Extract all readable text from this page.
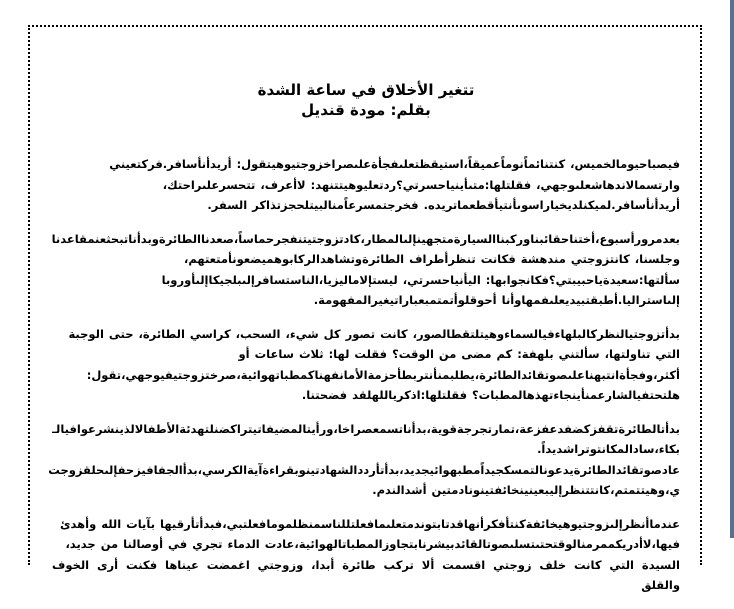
تتغير الأخلاق في ساعة الشدة
بقلم: مودة قنديل

فيصباحيومالخميس، كنتنائماًنوماًعميقاً،استيقظتعلىفجأةعلىصراخزوجتيوهيتقول: أريدأنأسافر.فركتعيني
وارتسمالاندهاشعلىوجهي، فقلتلها:متىأينياحسرتي؟ردتعليوهيتتنهد: لاأعرف، تتحسرعلىراحتك،
أريدأنأسافر.لميكنلديخياراسوىأنتيأقطعماتريده. فخرجتمسرعاًمنالبيتلحجزتذاكر السفر.

بعدمرورأسبوع،أختناحقائبناوركبناالسيارةمتجهينإلىالمطار،كادتزوجتيتنفجرحماساً،صعدناالطائرةوبدأناتبحثعنمقاعدنا
وجلسنا، كانتزوجتي مندهشة فكانت تنظرأطراف الطائرةوتشاهدالركابوهميضعونأمتعتهم،
سألتها:سعيدةياحبيبتي؟فكانجوابها: اليأنياحسرتي، ليستإلاماليزيا،الناستسافرإلىبلجيكاإلىأوروبا
إلىاستراليا.أطبقتبيديعلىفمهاوأنا أحوقلوأتمتمبعباراتيغيرالمفهومة.

بدأتزوجتيالنظركالبلهاءفيالسماءوهيتلتقطالصور، كانت تصور كل شيء، السحب، كراسي الطائرة، حتى الوجبة
التي تناولتها، سألتني بلهفة: كم مضى من الوقت؟ فقلت لها: ثلاث ساعات أو
أكثر،وفجأةانتبهناعلىصوتقائدالطائرة،يطلبمنأنتربطأحزمةالأمانفهناكمطباتهوائية،صرختزوجتيفيوجهي،تقول:
هلتحتفيالشارعمنأينجاءتهذهالمطبات؟ فقلتلها:اذكرياللهلقد فضحتنا.

بدأتالطائرةتقفزكضفدعفزعة،تمارتجرجةقوية،بدأناتسمعصراخا،ورأيتالمضيفاتيتراكضنلتهدئةالأطفالالذينشرعوافيالـ
بكاء،سادالمكانتوتراشديداً.
عادصوتقائدالطائرةيدعونالتمسكجيداًمطبهوائيجديد،بدأتأرددالشهادتينوبقراءةآيةالكرسي،بدأالجفافيزحفإلىحلقزوجت
ي،وهيتتمتم،كانتتنظرإليبعينينخائفتينونادمتين أشدالندم.

عندماأنظرإلىزوجتيوهيخائفةكنتأفكرأنهاقدتابتوندمتعلىمافعلتللناسمنظلمومافعلتبي،فبدأتأرقيها بآيات الله وأهدئ
فيها،لاأدريكممرمنالوقتحتىتسلىصوتالقائدبيشرنابتجاوزالمطباتالهوائية،عادت الدماء تجري في أوصالنا من جديد،
السيدة التي كانت خلف زوجتي اقسمت ألا تركب طائرة أبدا، وزوجتي اغمضت عيناها فكنت أرى الخوف والقلق
